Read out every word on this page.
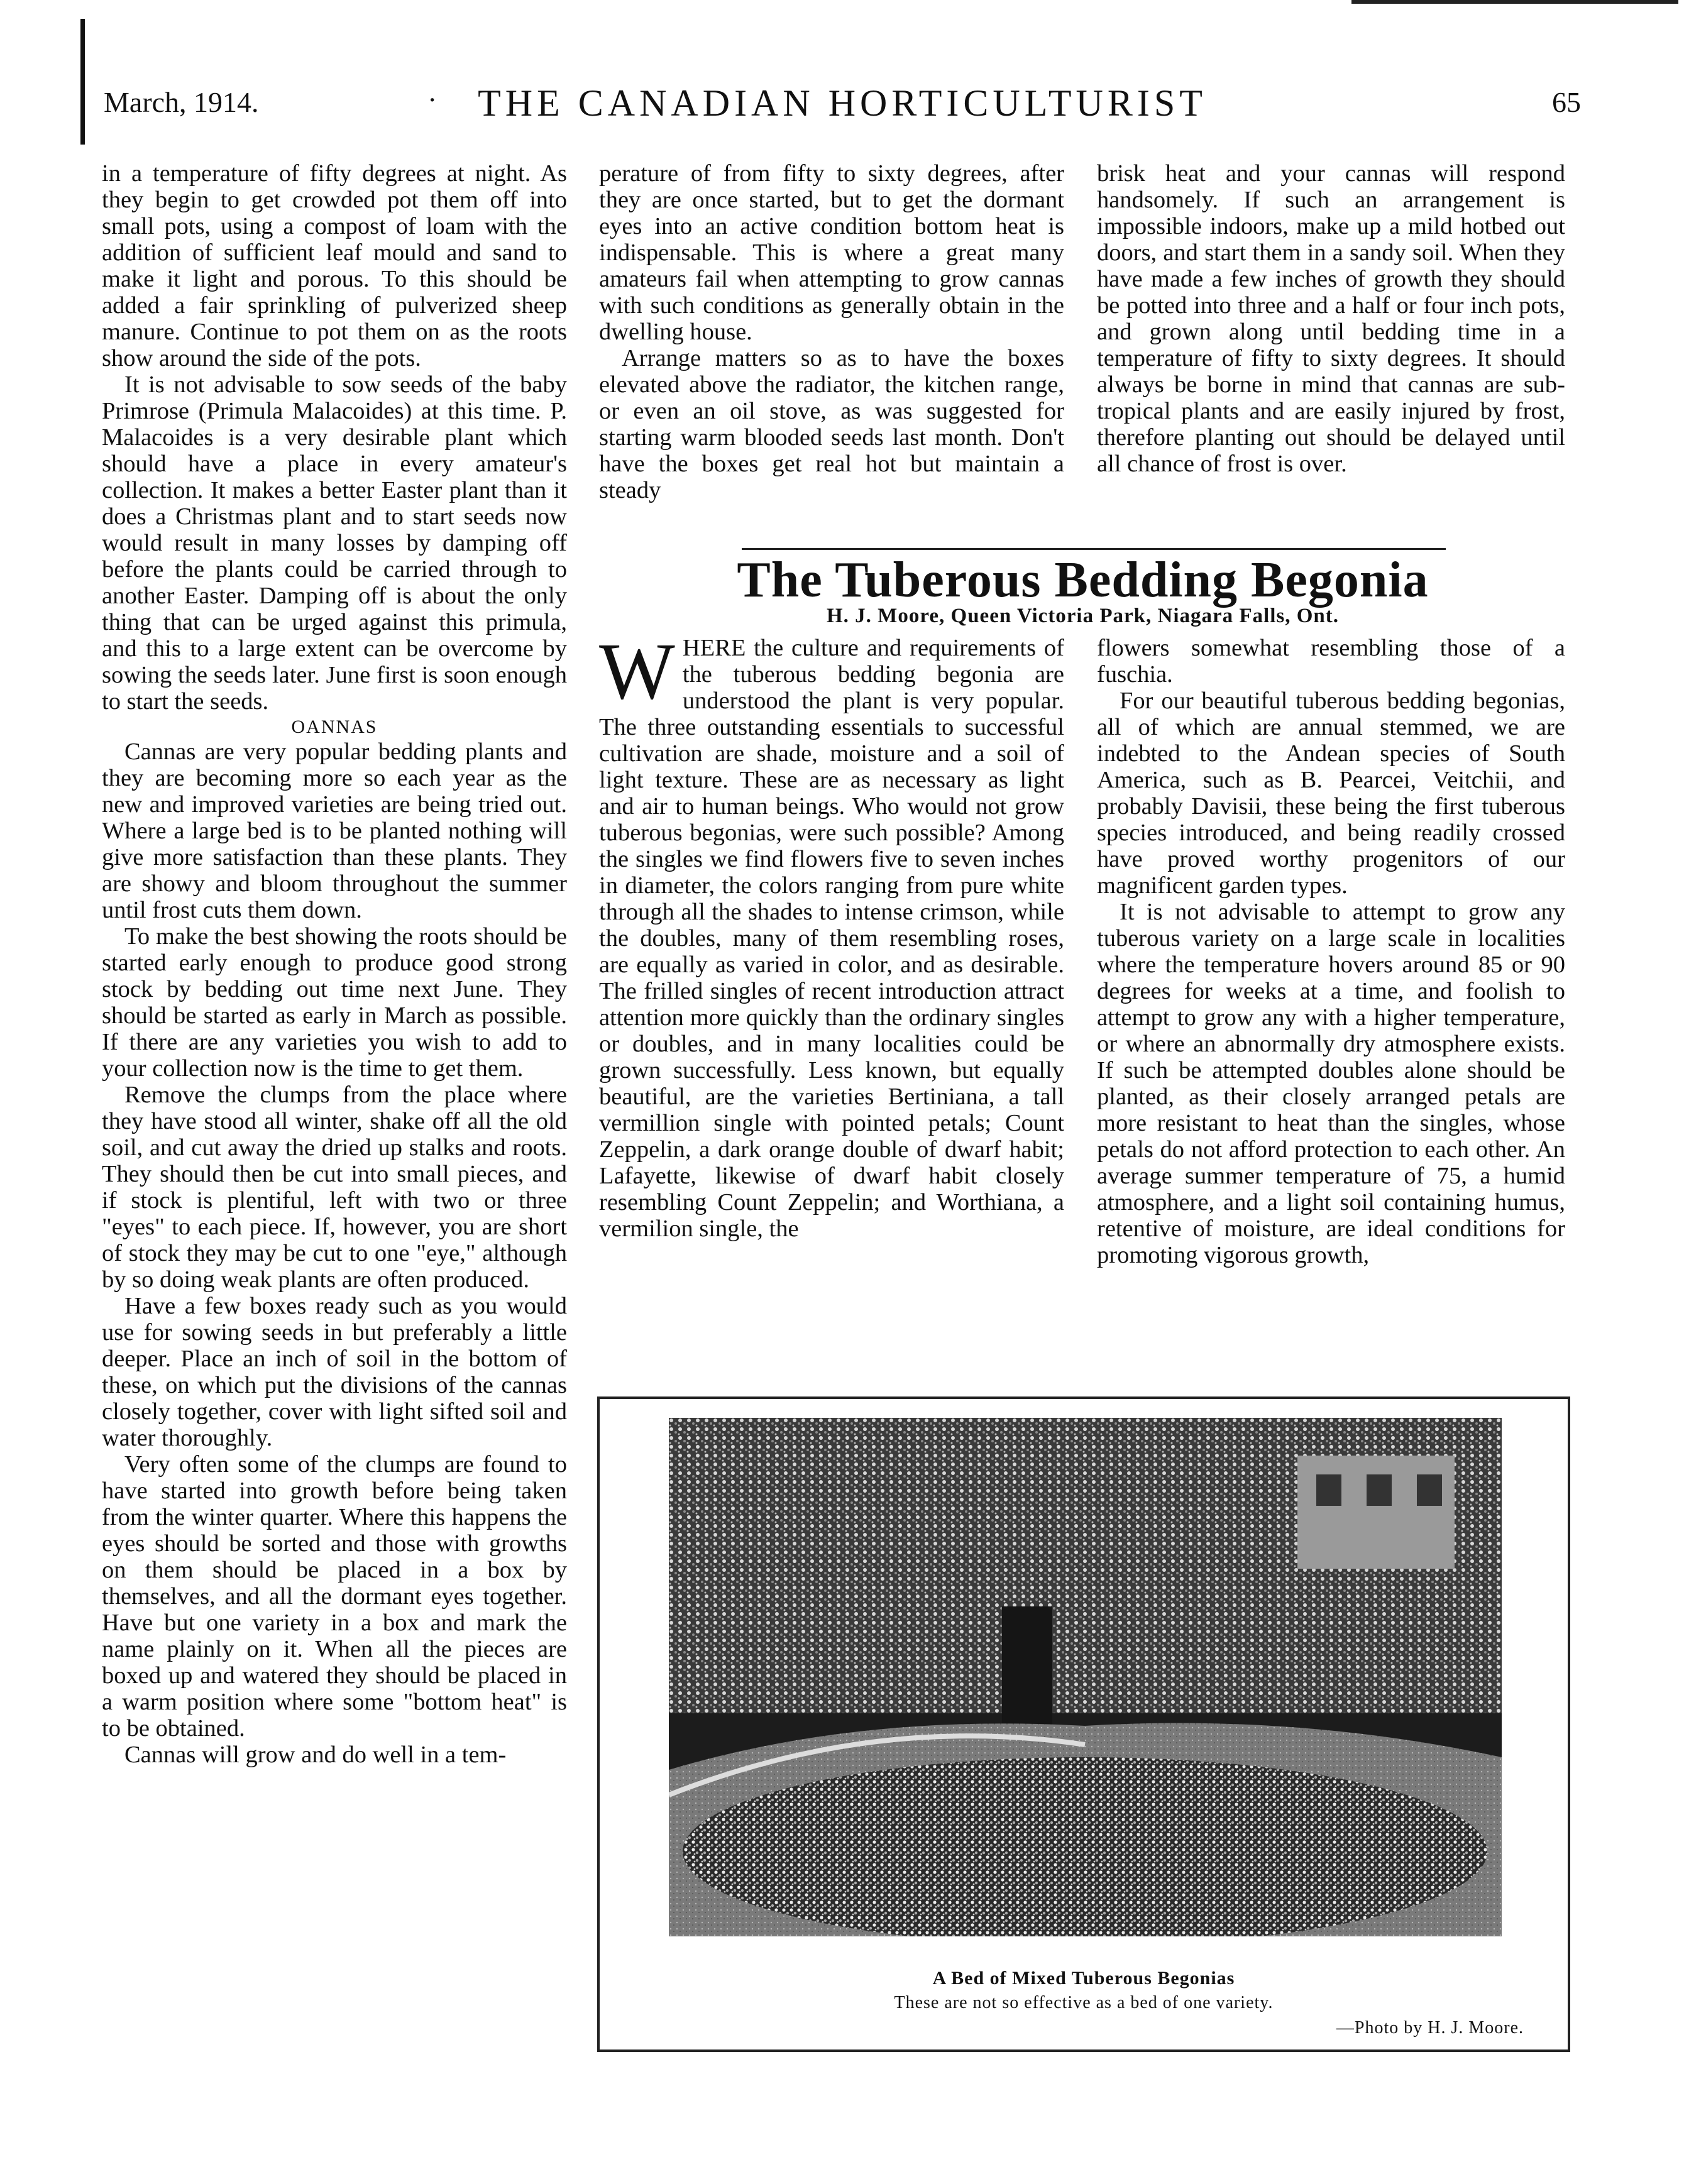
March, 1914.	·	THE CANADIAN HORTICULTURIST	65

in a temperature of fifty degrees at night. As they begin to get crowded pot them off into small pots, using a compost of loam with the addition of sufficient leaf mould and sand to make it light and porous. To this should be added a fair sprinkling of pulverized sheep manure. Continue to pot them on as the roots show around the side of the pots.

It is not advisable to sow seeds of the baby Primrose (Primula Malacoides) at this time. P. Malacoides is a very desirable plant which should have a place in every amateur's collection. It makes a better Easter plant than it does a Christmas plant and to start seeds now would result in many losses by damping off before the plants could be carried through to another Easter. Damping off is about the only thing that can be urged against this primula, and this to a large extent can be overcome by sowing the seeds later. June first is soon enough to start the seeds.

OANNAS

Cannas are very popular bedding plants and they are becoming more so each year as the new and improved varieties are being tried out. Where a large bed is to be planted nothing will give more satisfaction than these plants. They are showy and bloom throughout the summer until frost cuts them down.

To make the best showing the roots should be started early enough to produce good strong stock by bedding out time next June. They should be started as early in March as possible. If there are any varieties you wish to add to your collection now is the time to get them.

Remove the clumps from the place where they have stood all winter, shake off all the old soil, and cut away the dried up stalks and roots. They should then be cut into small pieces, and if stock is plentiful, left with two or three "eyes" to each piece. If, however, you are short of stock they may be cut to one "eye," although by so doing weak plants are often produced.

Have a few boxes ready such as you would use for sowing seeds in but preferably a little deeper. Place an inch of soil in the bottom of these, on which put the divisions of the cannas closely together, cover with light sifted soil and water thoroughly.

Very often some of the clumps are found to have started into growth before being taken from the winter quarter. Where this happens the eyes should be sorted and those with growths on them should be placed in a box by themselves, and all the dormant eyes together. Have but one variety in a box and mark the name plainly on it. When all the pieces are boxed up and watered they should be placed in a warm position where some "bottom heat" is to be obtained.

Cannas will grow and do well in a tem-

perature of from fifty to sixty degrees, after they are once started, but to get the dormant eyes into an active condition bottom heat is indispensable. This is where a great many amateurs fail when attempting to grow cannas with such conditions as generally obtain in the dwelling house.

Arrange matters so as to have the boxes elevated above the radiator, the kitchen range, or even an oil stove, as was suggested for starting warm blooded seeds last month. Don't have the boxes get real hot but maintain a steady

brisk heat and your cannas will respond handsomely. If such an arrangement is impossible indoors, make up a mild hotbed out doors, and start them in a sandy soil. When they have made a few inches of growth they should be potted into three and a half or four inch pots, and grown along until bedding time in a temperature of fifty to sixty degrees. It should always be borne in mind that cannas are sub-tropical plants and are easily injured by frost, therefore planting out should be delayed until all chance of frost is over.

The Tuberous Bedding Begonia
H. J. Moore, Queen Victoria Park, Niagara Falls, Ont.

WHERE the culture and requirements of the tuberous bedding begonia are understood the plant is very popular. The three outstanding essentials to successful cultivation are shade, moisture and a soil of light texture. These are as necessary as light and air to human beings. Who would not grow tuberous begonias, were such possible? Among the singles we find flowers five to seven inches in diameter, the colors ranging from pure white through all the shades to intense crimson, while the doubles, many of them resembling roses, are equally as varied in color, and as desirable. The frilled singles of recent introduction attract attention more quickly than the ordinary singles or doubles, and in many localities could be grown successfully. Less known, but equally beautiful, are the varieties Bertiniana, a tall vermillion single with pointed petals; Count Zeppelin, a dark orange double of dwarf habit; Lafayette, likewise of dwarf habit closely resembling Count Zeppelin; and Worthiana, a vermilion single, the

flowers somewhat resembling those of a fuschia.

For our beautiful tuberous bedding begonias, all of which are annual stemmed, we are indebted to the Andean species of South America, such as B. Pearcei, Veitchii, and probably Davisii, these being the first tuberous species introduced, and being readily crossed have proved worthy progenitors of our magnificent garden types.

It is not advisable to attempt to grow any tuberous variety on a large scale in localities where the temperature hovers around 85 or 90 degrees for weeks at a time, and foolish to attempt to grow any with a higher temperature, or where an abnormally dry atmosphere exists. If such be attempted doubles alone should be planted, as their closely arranged petals are more resistant to heat than the singles, whose petals do not afford protection to each other. An average summer temperature of 75, a humid atmosphere, and a light soil containing humus, retentive of moisture, are ideal conditions for promoting vigorous growth,

A Bed of Mixed Tuberous Begonias
These are not so effective as a bed of one variety.
—Photo by H. J. Moore.
